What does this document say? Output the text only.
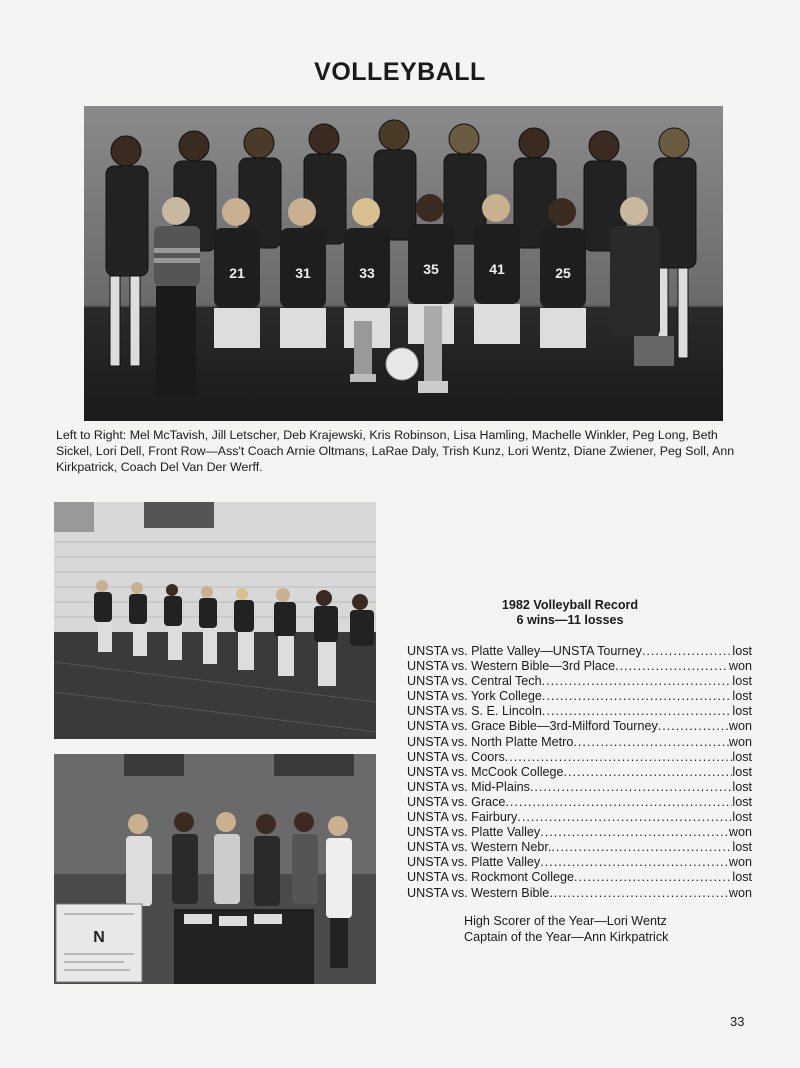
VOLLEYBALL
21	31	33	35	41	25
Left to Right: Mel McTavish, Jill Letscher, Deb Krajewski, Kris Robinson, Lisa Hamling, Machelle Winkler, Peg Long, Beth Sickel, Lori Dell, Front Row—Ass't Coach Arnie Oltmans, LaRae Daly, Trish Kunz, Lori Wentz, Diane Zwiener, Peg Soll, Ann Kirkpatrick, Coach Del Van Der Werff.
N
1982 Volleyball Record
6 wins—11 losses
UNSTA vs. Platte Valley—UNSTA Tourney .....	lost
UNSTA vs. Western Bible—3rd Place .....	won
UNSTA vs. Central Tech .....	lost
UNSTA vs. York College .....	lost
UNSTA vs. S. E. Lincoln .....	lost
UNSTA vs. Grace Bible—3rd-Milford Tourney .....	won
UNSTA vs. North Platte Metro .....	won
UNSTA vs. Coors .....	lost
UNSTA vs. McCook College .....	lost
UNSTA vs. Mid-Plains .....	lost
UNSTA vs. Grace .....	lost
UNSTA vs. Fairbury .....	lost
UNSTA vs. Platte Valley .....	won
UNSTA vs. Western Nebr. .....	lost
UNSTA vs. Platte Valley .....	won
UNSTA vs. Rockmont College .....	lost
UNSTA vs. Western Bible .....	won
High Scorer of the Year—Lori Wentz
Captain of the Year—Ann Kirkpatrick
33
